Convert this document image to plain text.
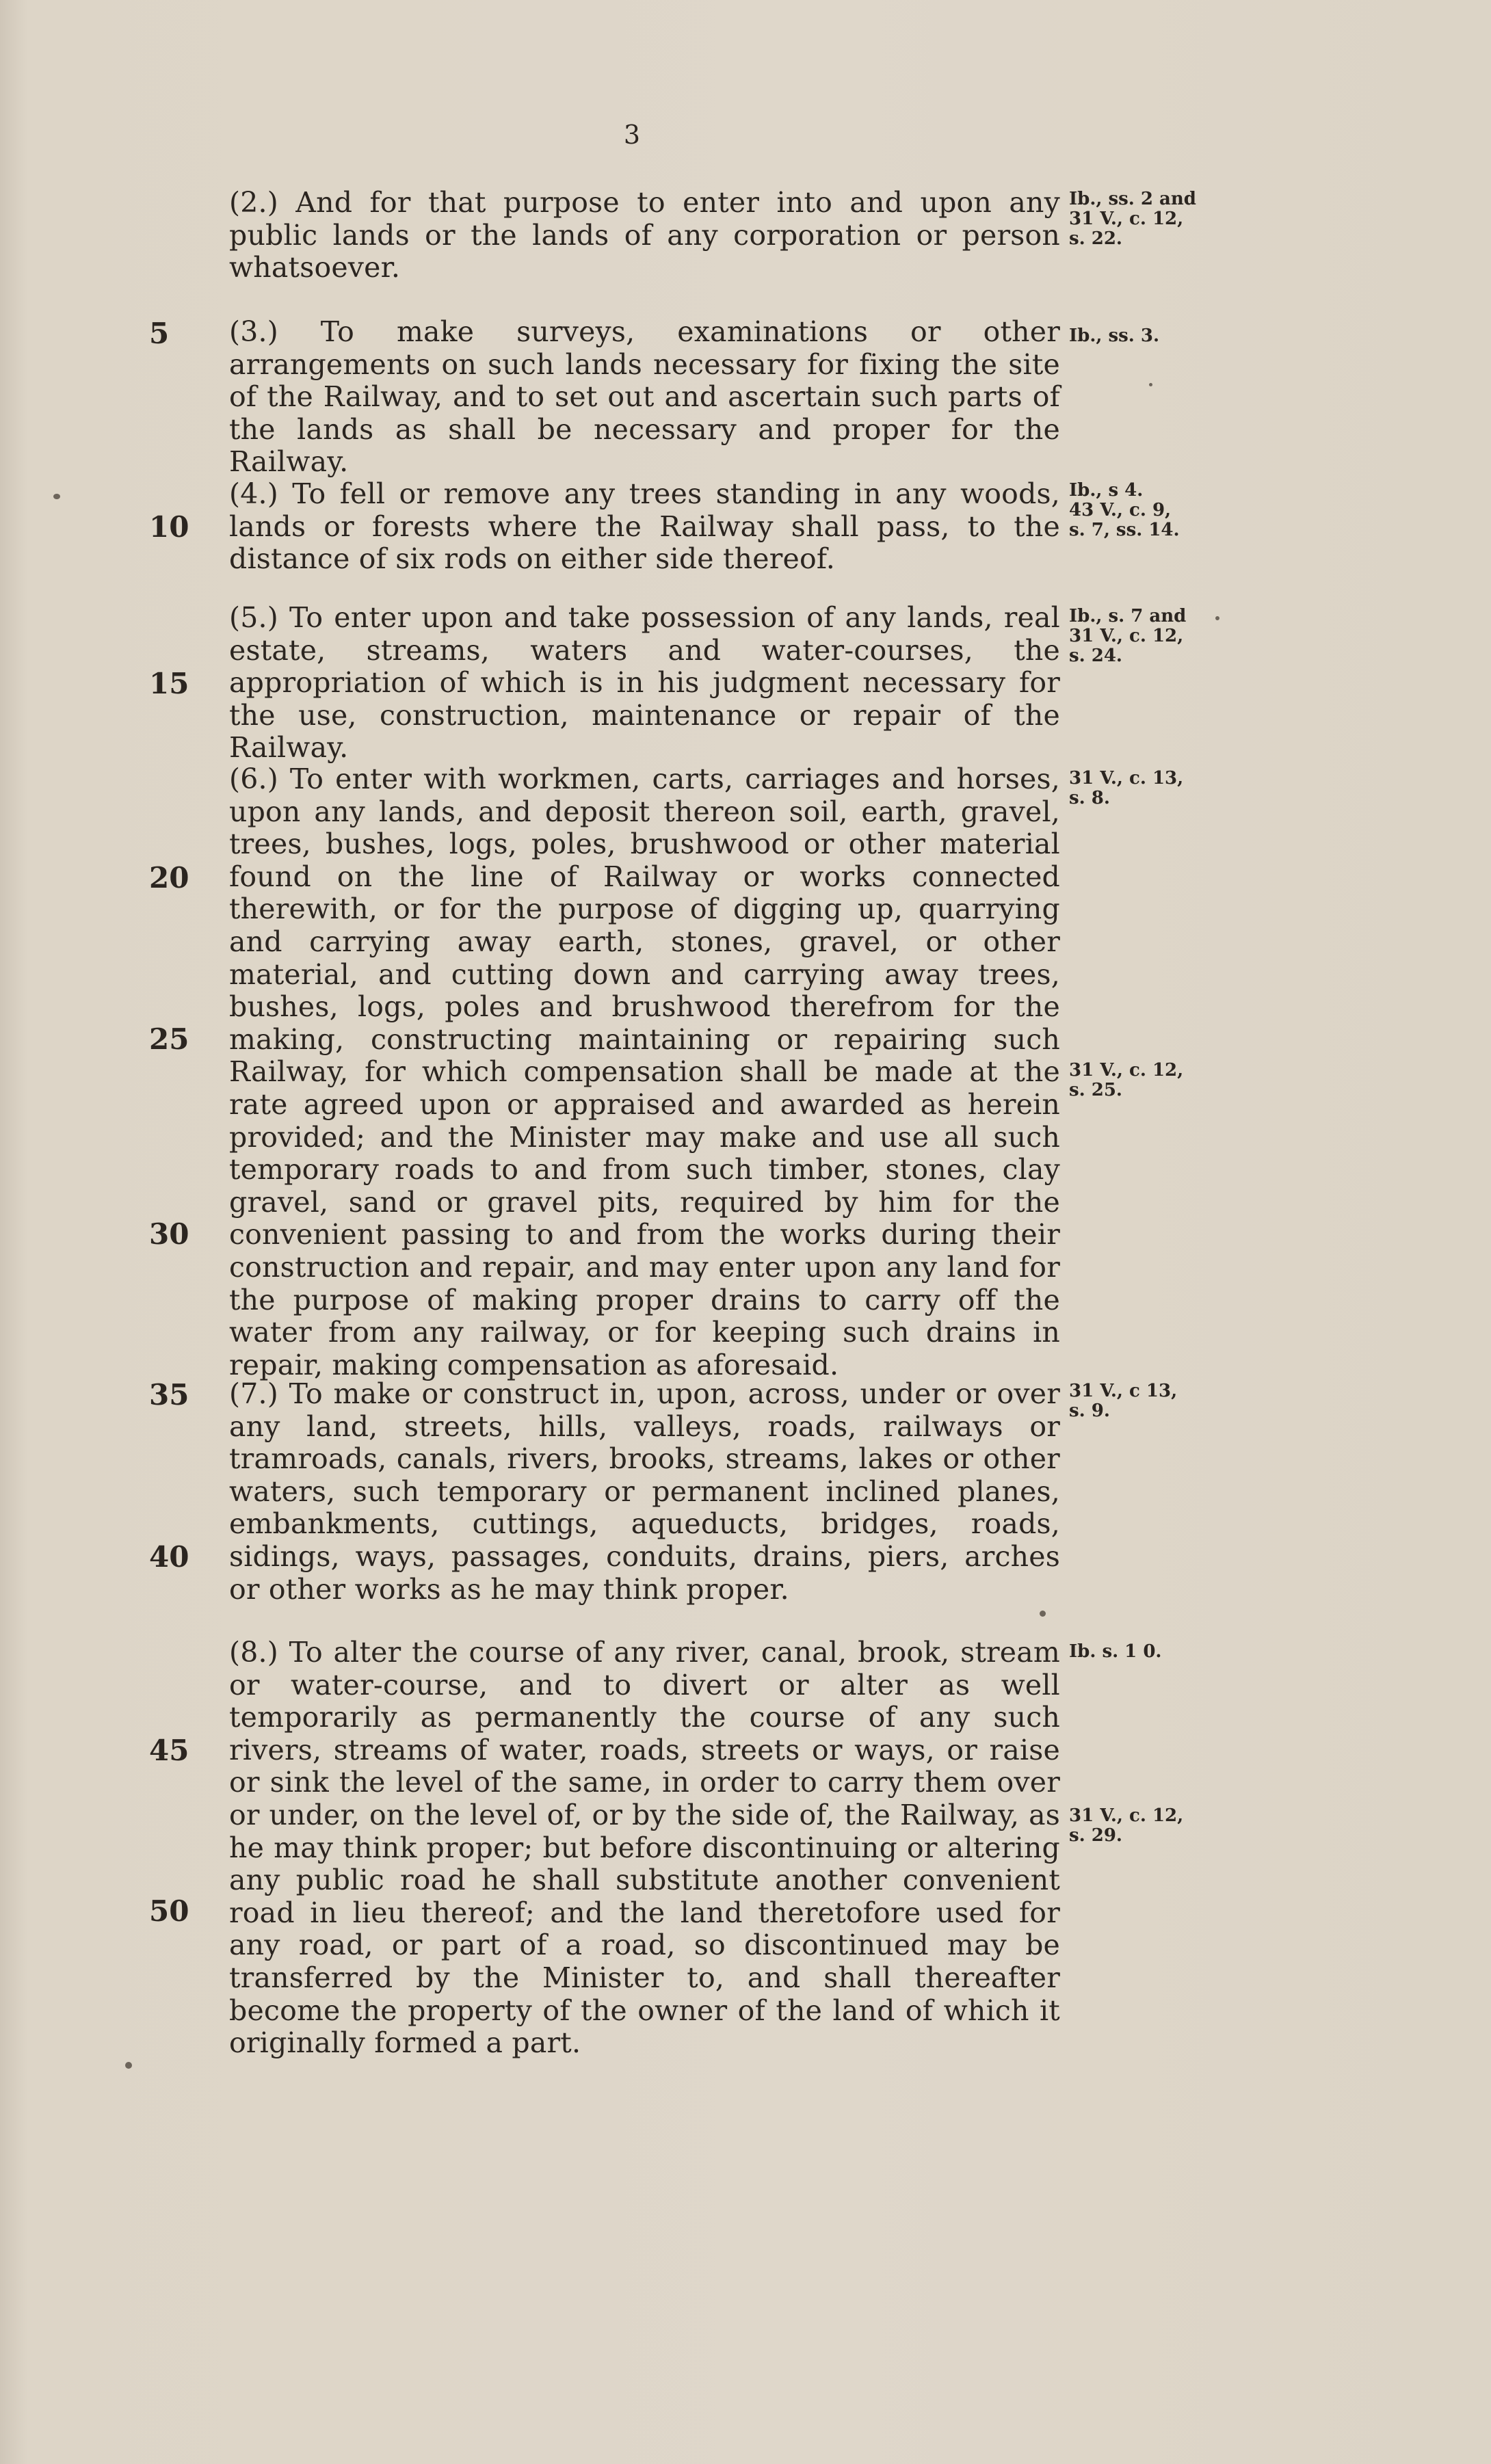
3
(2.) And for that purpose to enter into and upon any public lands or the lands of any corporation or person whatsoever.
(3.) To make surveys, examinations or other arrangements on such lands necessary for fixing the site of the Railway, and to set out and ascertain such parts of the lands as shall be necessary and proper for the Railway.
(4.) To fell or remove any trees standing in any woods, lands or forests where the Railway shall pass, to the distance of six rods on either side thereof.
(5.) To enter upon and take possession of any lands, real estate, streams, waters and water-courses, the appropriation of which is in his judgment necessary for the use, construction, maintenance or repair of the Railway.
(6.) To enter with workmen, carts, carriages and horses, upon any lands, and deposit thereon soil, earth, gravel, trees, bushes, logs, poles, brushwood or other material found on the line of Railway or works connected therewith, or for the purpose of digging up, quarrying and carrying away earth, stones, gravel, or other material, and cutting down and carrying away trees, bushes, logs, poles and brushwood therefrom for the making, constructing maintaining or repairing such Railway, for which compensation shall be made at the rate agreed upon or appraised and awarded as herein provided; and the Minister may make and use all such temporary roads to and from such timber, stones, clay gravel, sand or gravel pits, required by him for the convenient passing to and from the works during their construction and repair, and may enter upon any land for the purpose of making proper drains to carry off the water from any railway, or for keeping such drains in repair, making compensation as aforesaid.
(7.) To make or construct in, upon, across, under or over any land, streets, hills, valleys, roads, railways or tramroads, canals, rivers, brooks, streams, lakes or other waters, such temporary or permanent inclined planes, embankments, cuttings, aqueducts, bridges, roads, sidings, ways, passages, conduits, drains, piers, arches or other works as he may think proper.
(8.) To alter the course of any river, canal, brook, stream or water-course, and to divert or alter as well temporarily as permanently the course of any such rivers, streams of water, roads, streets or ways, or raise or sink the level of the same, in order to carry them over or under, on the level of, or by the side of, the Railway, as he may think proper; but before discontinuing or altering any public road he shall substitute another convenient road in lieu thereof; and the land theretofore used for any road, or part of a road, so discontinued may be transferred by the Minister to, and shall thereafter become the property of the owner of the land of which it originally formed a part.
5
10
15
20
25
30
35
40
45
50
Ib., ss. 2 and
31 V., c. 12,
s. 22.
Ib., ss. 3.
Ib., s 4.
43 V., c. 9,
s. 7, ss. 14.
Ib., s. 7 and
31 V., c. 12,
s. 24.
31 V., c. 13,
s. 8.
31 V., c. 12,
s. 25.
31 V., c 13,
s. 9.
Ib. s. 1 0.
31 V., c. 12,
s. 29.
